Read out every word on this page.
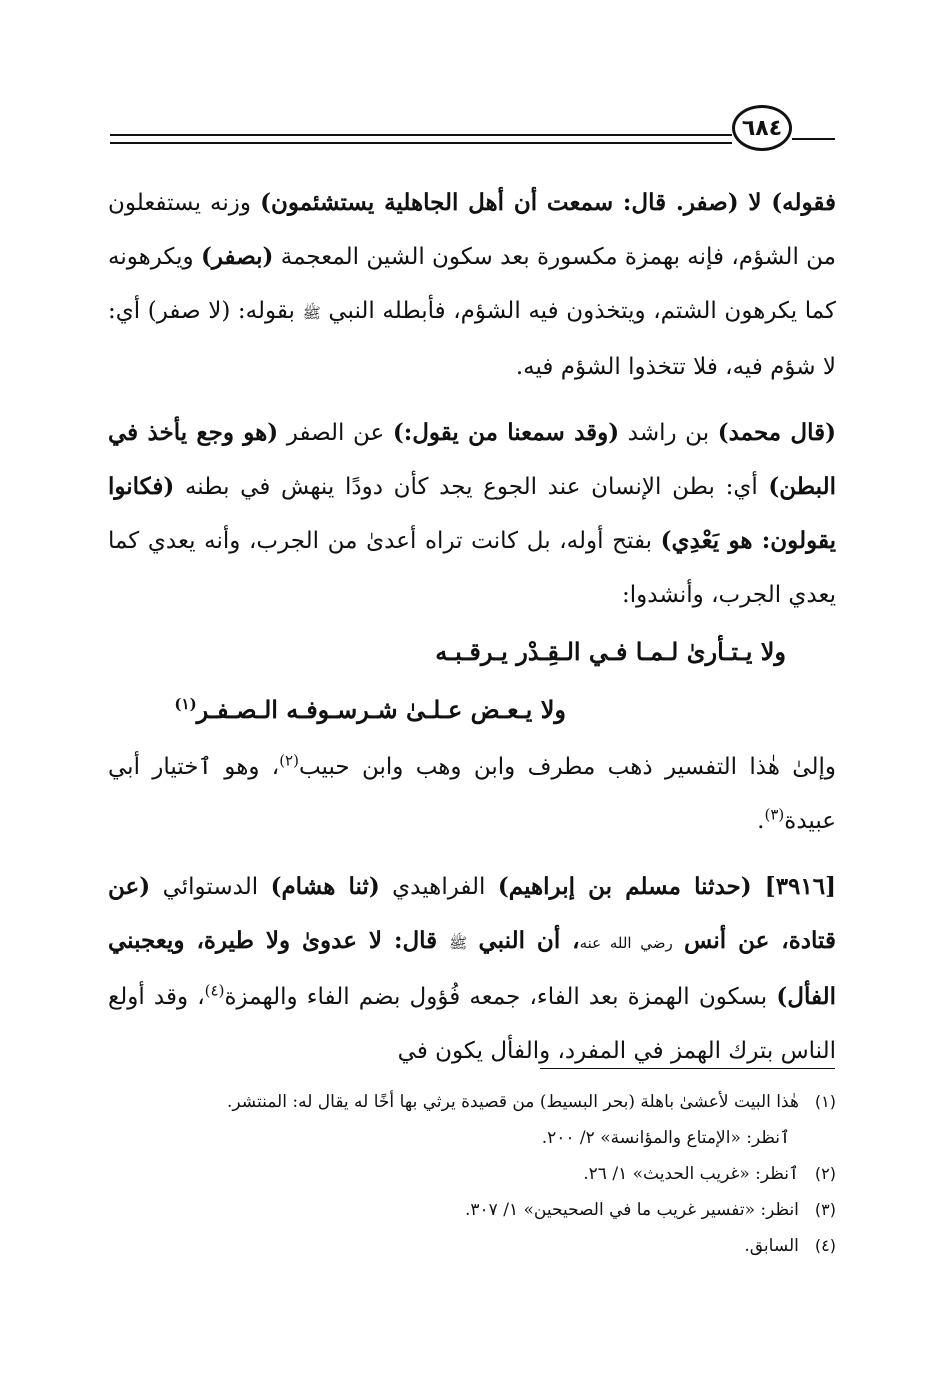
٦٨٤

فقوله) لا (صفر. قال: سمعت أن أهل الجاهلية يستشئمون) وزنه يستفعلون من الشؤم، فإنه بهمزة مكسورة بعد سكون الشين المعجمة (بصفر) ويكرهونه كما يكرهون الشتم، ويتخذون فيه الشؤم، فأبطله النبي ﷺ بقوله: (لا صفر) أي: لا شؤم فيه، فلا تتخذوا الشؤم فيه.

(قال محمد) بن راشد (وقد سمعنا من يقول:) عن الصفر (هو وجع يأخذ في البطن) أي: بطن الإنسان عند الجوع يجد كأن دودًا ينهش في بطنه (فكانوا يقولون: هو يَعْدِي) بفتح أوله، بل كانت تراه أعدىٰ من الجرب، وأنه يعدي كما يعدي الجرب، وأنشدوا:

ولا يـتـأرىٰ لـمـا فـي الـقِـدْر يـرقـبـه
ولا يـعـض عـلـىٰ شـرسـوفـه الـصـفـر$^{(١)}$

وإلىٰ هٰذا التفسير ذهب مطرف وابن وهب وابن حبيب$^{(٢)}$، وهو ٱختيار أبي عبيدة$^{(٣)}$.

[٣٩١٦] (حدثنا مسلم بن إبراهيم) الفراهيدي (ثنا هشام) الدستوائي (عن قتادة، عن أنس رضي الله عنه، أن النبي ﷺ قال: لا عدوىٰ ولا طيرة، ويعجبني الفأل) بسكون الهمزة بعد الفاء، جمعه فُؤول بضم الفاء والهمزة$^{(٤)}$، وقد أولع الناس بترك الهمز في المفرد، والفأل يكون في

(١)
هٰذا البيت لأعشىٰ باهلة (بحر البسيط) من قصيدة يرثي بها أخًا له يقال له: المنتشر.

ٱنظر: «الإمتاع والمؤانسة» ٢/ ٢٠٠.

(٢)
ٱنظر: «غريب الحديث» ١/ ٢٦.

(٣)
انظر: «تفسير غريب ما في الصحيحين» ١/ ٣٠٧.

(٤)
السابق.
